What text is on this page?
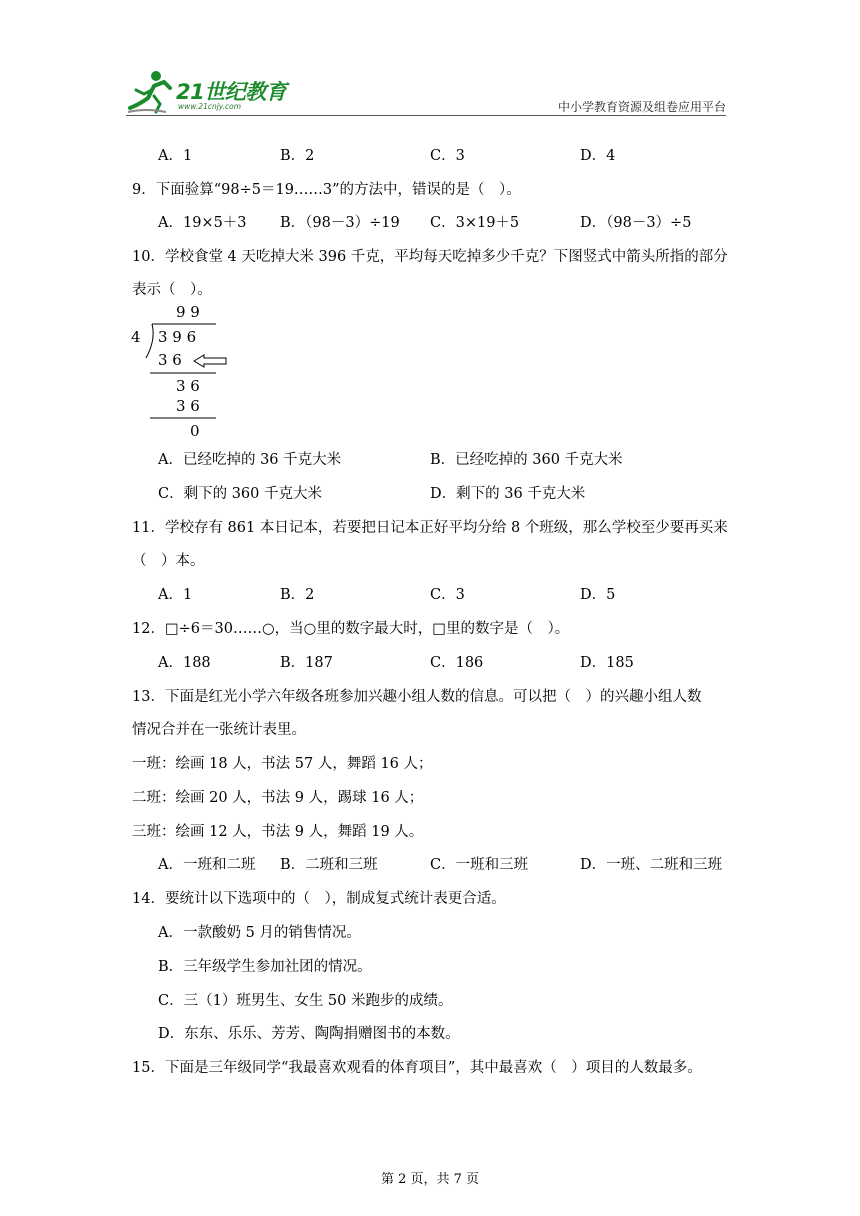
21世纪教育
www.21cnjy.com	中小学教育资源及组卷应用平台
A．1	B．2	C．3	D．4
9．下面验算“98÷5＝19……3”的方法中，错误的是（　）。
A．19×5＋3 B．（98－3）÷19 C．3×19＋5	D．（98－3）÷5
10．学校食堂 4 天吃掉大米 396 千克，平均每天吃掉多少千克？下图竖式中箭头所指的部分
表示（　）。
9 9
4 3 9 6
3 6
3 6
3 6
0
A．已经吃掉的 36 千克大米	B．已经吃掉的 360 千克大米
C．剩下的 360 千克大米	D．剩下的 36 千克大米
11．学校存有 861 本日记本，若要把日记本正好平均分给 8 个班级，那么学校至少要再买来
（　）本。
A．1	B．2	C．3	D．5
12．□÷6＝30……○，当○里的数字最大时，□里的数字是（　）。
A．188	B．187	C．186	D．185
13．下面是红光小学六年级各班参加兴趣小组人数的信息。可以把（　）的兴趣小组人数
情况合并在一张统计表里。
一班：绘画 18 人，书法 57 人，舞蹈 16 人；
二班：绘画 20 人，书法 9 人，踢球 16 人；
三班：绘画 12 人，书法 9 人，舞蹈 19 人。
A．一班和二班 B．二班和三班	C．一班和三班	D．一班、二班和三班
14．要统计以下选项中的（　），制成复式统计表更合适。
A．一款酸奶 5 月的销售情况。
B．三年级学生参加社团的情况。
C．三（1）班男生、女生 50 米跑步的成绩。
D．东东、乐乐、芳芳、陶陶捐赠图书的本数。
15．下面是三年级同学“我最喜欢观看的体育项目”，其中最喜欢（　）项目的人数最多。
第 2 页，共 7 页
